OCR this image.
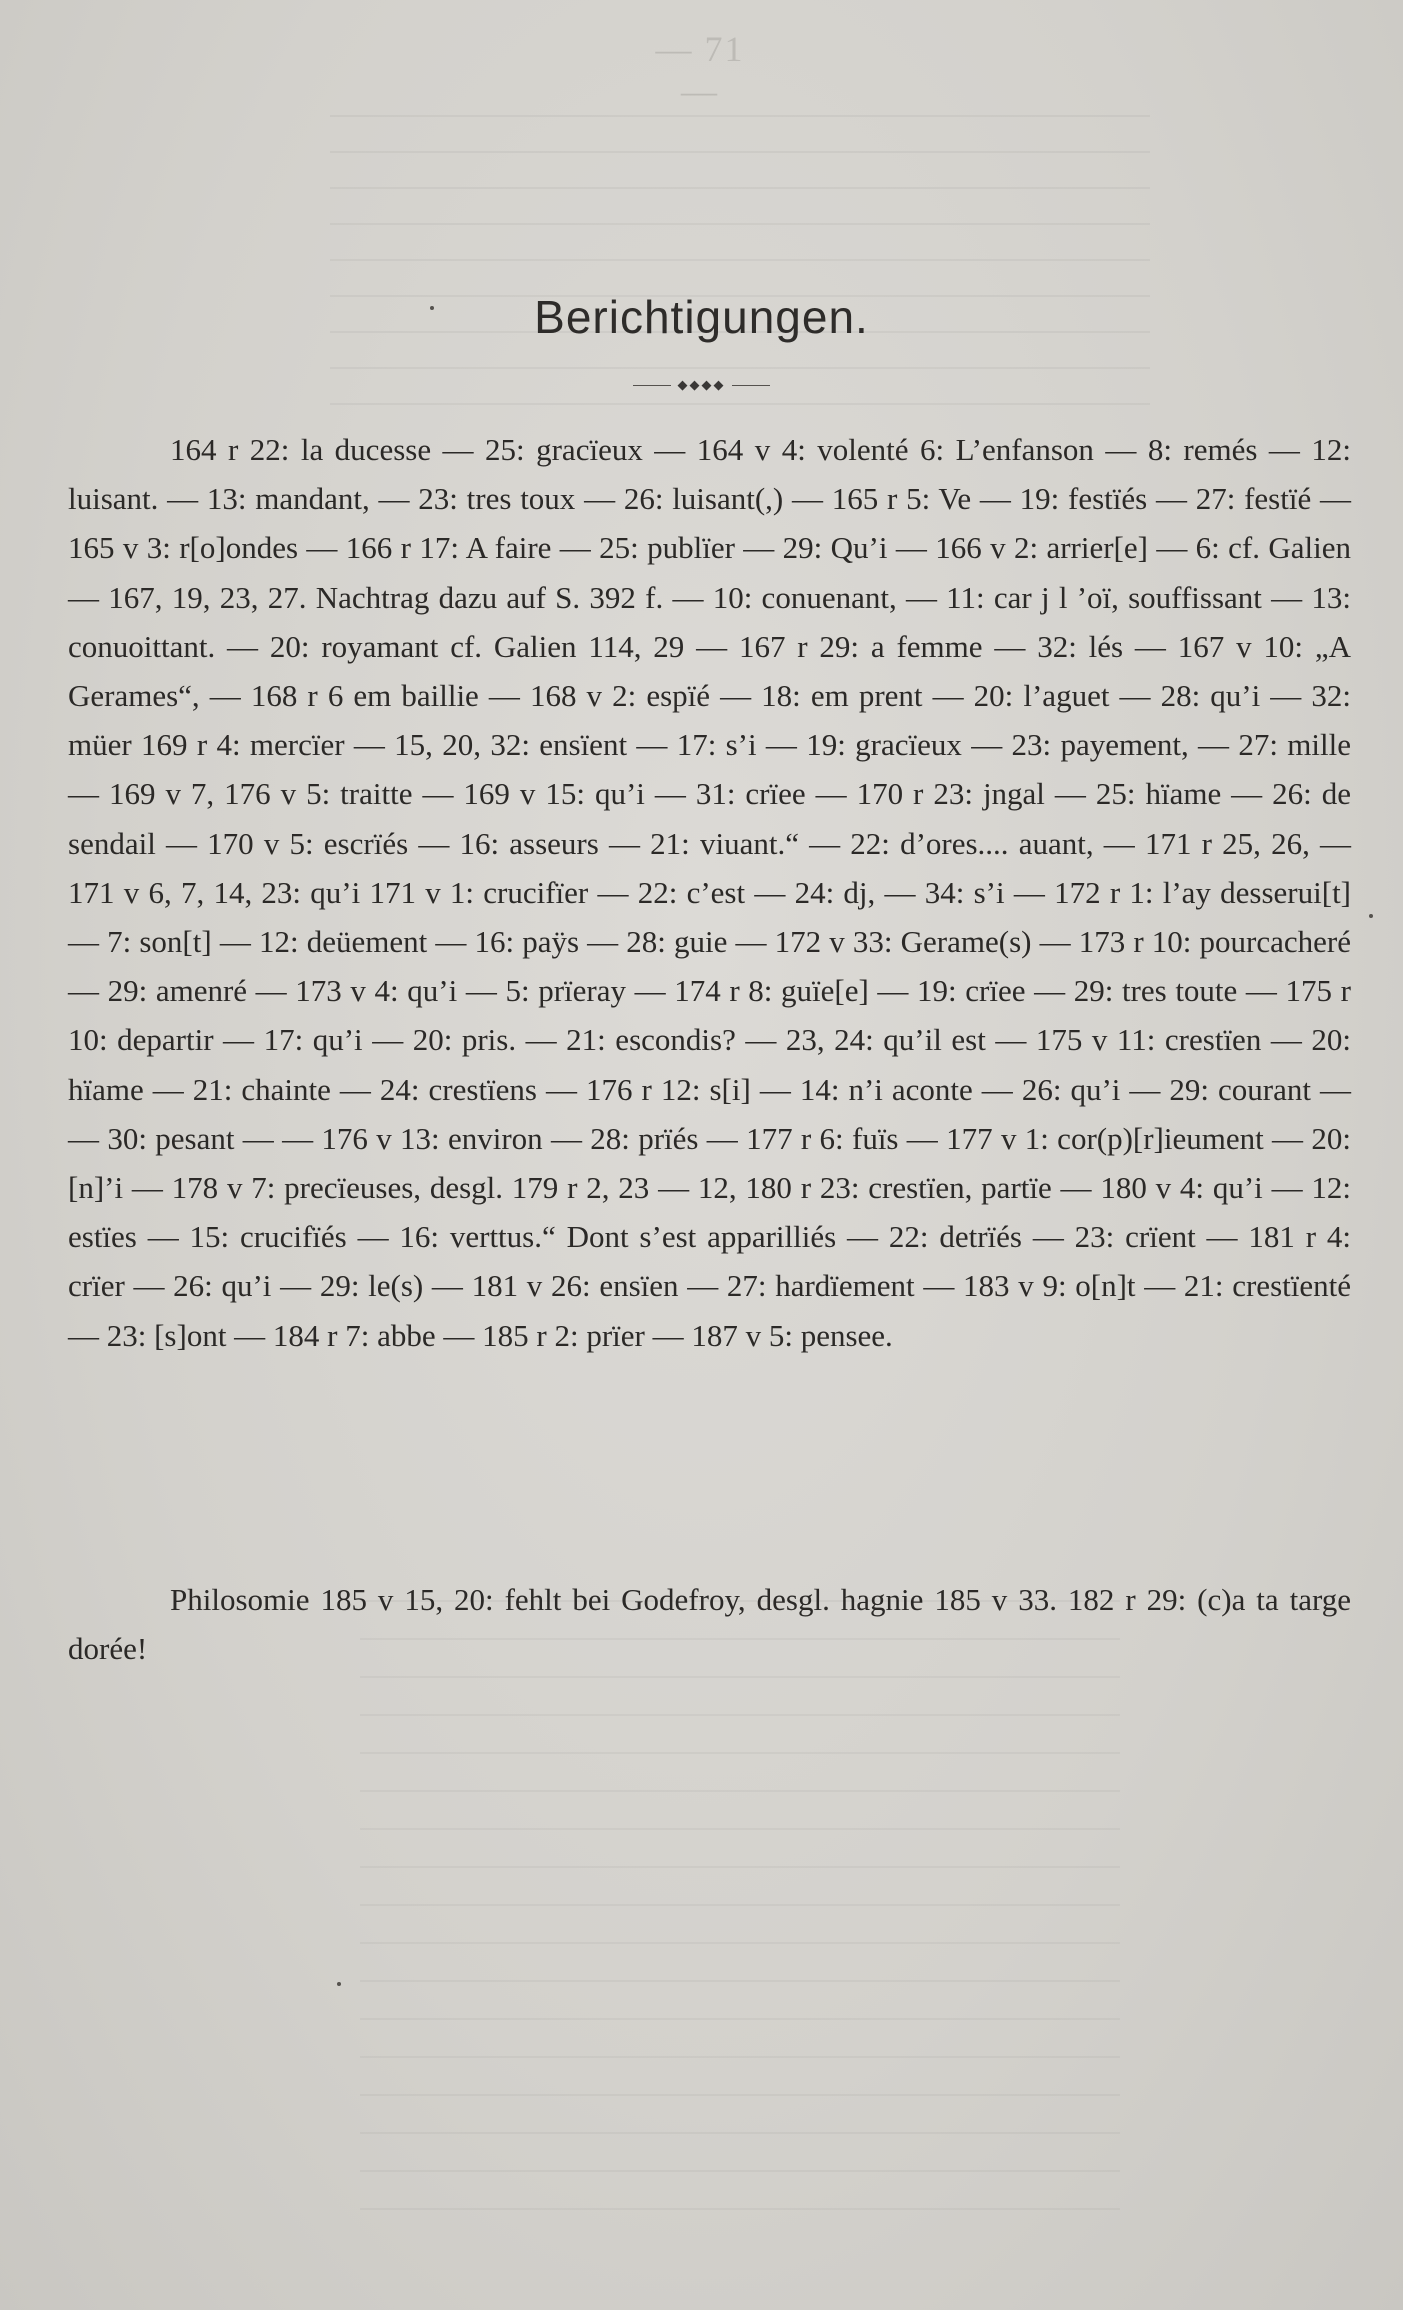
— 71 —
Berichtigungen.
◆◆◆◆

164 r 22: la ducesse — 25: gracïeux — 164 v 4: volenté 6: L’enfanson — 8: remés — 12: luisant. — 13: mandant, — 23: tres toux — 26: luisant(,) — 165 r 5: Ve — 19: festïés — 27: festïé — 165 v 3: r[o]ondes — 166 r 17: A faire — 25: publïer — 29: Qu’i — 166 v 2: arrier[e] — 6: cf. Galien — 167, 19, 23, 27. Nachtrag dazu auf S. 392 f. — 10: conuenant, — 11: car j l ’oï, souffissant — 13: conuoittant. — 20: royamant cf. Galien 114, 29 — 167 r 29: a femme — 32: lés — 167 v 10: „A Gerames“, — 168 r 6 em baillie — 168 v 2: espïé — 18: em prent — 20: l’aguet — 28: qu’i — 32: müer 169 r 4: mercïer — 15, 20, 32: ensïent — 17: s’i — 19: gracïeux — 23: payement, — 27: mille — 169 v 7, 176 v 5: traitte — 169 v 15: qu’i — 31: crïee — 170 r 23: jngal — 25: hïame — 26: de sendail — 170 v 5: escrïés — 16: asseurs — 21: viuant.“ — 22: d’ores.... auant, — 171 r 25, 26, — 171 v 6, 7, 14, 23: qu’i 171 v 1: crucifïer — 22: c’est — 24: dj, — 34: s’i — 172 r 1: l’ay desserui[t] — 7: son[t] — 12: deüement — 16: paÿs — 28: guie — 172 v 33: Gerame(s) — 173 r 10: pourcacheré — 29: amenré — 173 v 4: qu’i — 5: prïeray — 174 r 8: guïe[e] — 19: crïee — 29: tres toute — 175 r 10: departir — 17: qu’i — 20: pris. — 21: escondis? — 23, 24: qu’il est — 175 v 11: crestïen — 20: hïame — 21: chainte — 24: crestïens — 176 r 12: s[i] — 14: n’i aconte — 26: qu’i — 29: courant — — 30: pesant — — 176 v 13: environ — 28: prïés — 177 r 6: fuïs — 177 v 1: cor(p)[r]ieument — 20: [n]’i — 178 v 7: precïeuses, desgl. 179 r 2, 23 — 12, 180 r 23: crestïen, partïe — 180 v 4: qu’i — 12: estïes — 15: crucifïés — 16: verttus.“ Dont s’est apparilliés — 22: detrïés — 23: crïent — 181 r 4: crïer — 26: qu’i — 29: le(s) — 181 v 26: ensïen — 27: hardïement — 183 v 9: o[n]t — 21: crestïenté — 23: [s]ont — 184 r 7: abbe — 185 r 2: prïer — 187 v 5: pensee.

Philosomie 185 v 15, 20: fehlt bei Godefroy, desgl. hagnie 185 v 33. 182 r 29: (c)a ta targe dorée!
